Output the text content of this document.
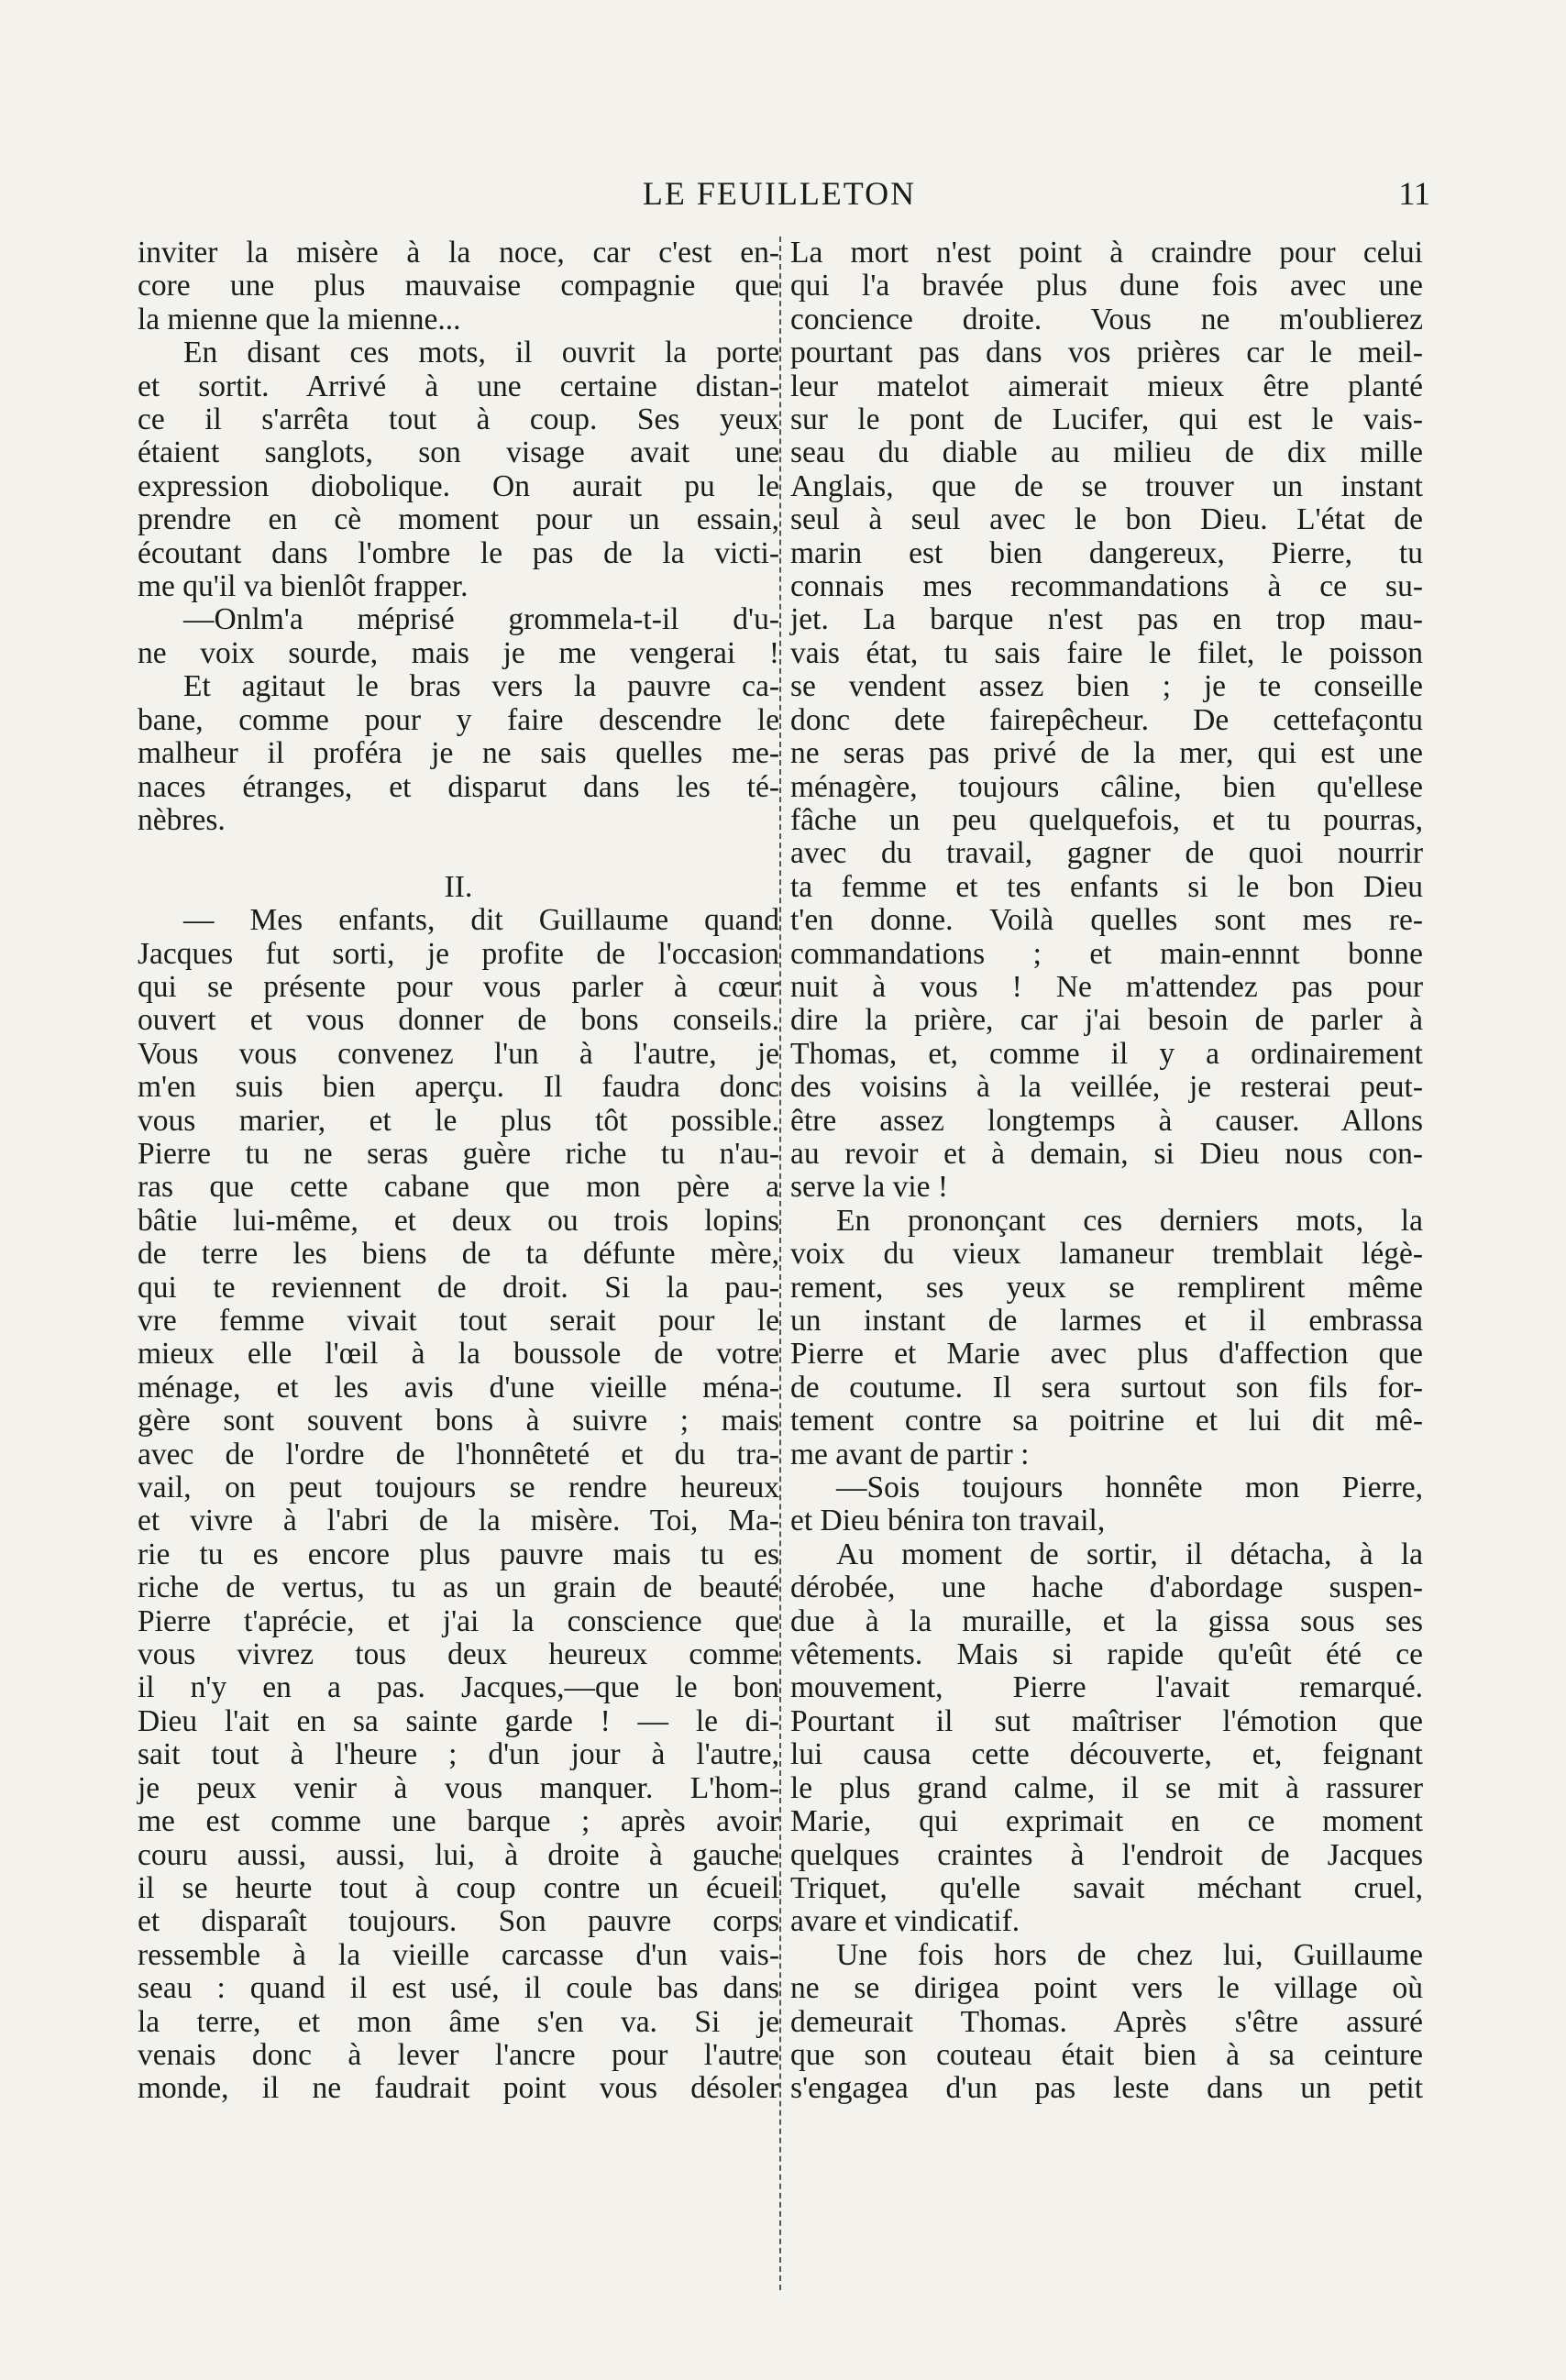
LE FEUILLETON	11
inviter la misère à la noce, car c'est en-
core une plus mauvaise compagnie que
la mienne que la mienne...
En disant ces mots, il ouvrit la porte
et sortit. Arrivé à une certaine distan-
ce il s'arrêta tout à coup. Ses yeux
étaient sanglots, son visage avait une
expression diobolique. On aurait pu le
prendre en cè moment pour un essain,
écoutant dans l'ombre le pas de la victi-
me qu'il va bienlôt frapper.
—Onlm'a méprisé grommela-t-il d'u-
ne voix sourde, mais je me vengerai !
Et agitaut le bras vers la pauvre ca-
bane, comme pour y faire descendre le
malheur il proféra je ne sais quelles me-
naces étranges, et disparut dans les té-
nèbres.

II.
— Mes enfants, dit Guillaume quand
Jacques fut sorti, je profite de l'occasion
qui se présente pour vous parler à cœur
ouvert et vous donner de bons conseils.
Vous vous convenez l'un à l'autre, je
m'en suis bien aperçu. Il faudra donc
vous marier, et le plus tôt possible.
Pierre tu ne seras guère riche tu n'au-
ras que cette cabane que mon père a
bâtie lui-même, et deux ou trois lopins
de terre les biens de ta défunte mère,
qui te reviennent de droit. Si la pau-
vre femme vivait tout serait pour le
mieux elle l'œil à la boussole de votre
ménage, et les avis d'une vieille ména-
gère sont souvent bons à suivre ; mais
avec de l'ordre de l'honnêteté et du tra-
vail, on peut toujours se rendre heureux
et vivre à l'abri de la misère. Toi, Ma-
rie tu es encore plus pauvre mais tu es
riche de vertus, tu as un grain de beauté
Pierre t'aprécie, et j'ai la conscience que
vous vivrez tous deux heureux comme
il n'y en a pas. Jacques,—que le bon
Dieu l'ait en sa sainte garde ! — le di-
sait tout à l'heure ; d'un jour à l'autre,
je peux venir à vous manquer. L'hom-
me est comme une barque ; après avoir
couru aussi, aussi, lui, à droite à gauche
il se heurte tout à coup contre un écueil
et disparaît toujours. Son pauvre corps
ressemble à la vieille carcasse d'un vais-
seau : quand il est usé, il coule bas dans
la terre, et mon âme s'en va. Si je
venais donc à lever l'ancre pour l'autre
monde, il ne faudrait point vous désoler
La mort n'est point à craindre pour celui
qui l'a bravée plus dune fois avec une
concience droite. Vous ne m'oublierez
pourtant pas dans vos prières car le meil-
leur matelot aimerait mieux être planté
sur le pont de Lucifer, qui est le vais-
seau du diable au milieu de dix mille
Anglais, que de se trouver un instant
seul à seul avec le bon Dieu. L'état de
marin est bien dangereux, Pierre, tu
connais mes recommandations à ce su-
jet. La barque n'est pas en trop mau-
vais état, tu sais faire le filet, le poisson
se vendent assez bien ; je te conseille
donc dete fairepêcheur. De cettefaçontu
ne seras pas privé de la mer, qui est une
ménagère, toujours câline, bien qu'ellese
fâche un peu quelquefois, et tu pourras,
avec du travail, gagner de quoi nourrir
ta femme et tes enfants si le bon Dieu
t'en donne. Voilà quelles sont mes re-
commandations ; et main-ennnt bonne
nuit à vous ! Ne m'attendez pas pour
dire la prière, car j'ai besoin de parler à
Thomas, et, comme il y a ordinairement
des voisins à la veillée, je resterai peut-
être assez longtemps à causer. Allons
au revoir et à demain, si Dieu nous con-
serve la vie !
En prononçant ces derniers mots, la
voix du vieux lamaneur tremblait légè-
rement, ses yeux se remplirent même
un instant de larmes et il embrassa
Pierre et Marie avec plus d'affection que
de coutume. Il sera surtout son fils for-
tement contre sa poitrine et lui dit mê-
me avant de partir :
—Sois toujours honnête mon Pierre,
et Dieu bénira ton travail,
Au moment de sortir, il détacha, à la
dérobée, une hache d'abordage suspen-
due à la muraille, et la gissa sous ses
vêtements. Mais si rapide qu'eût été ce
mouvement, Pierre l'avait remarqué.
Pourtant il sut maîtriser l'émotion que
lui causa cette découverte, et, feignant
le plus grand calme, il se mit à rassurer
Marie, qui exprimait en ce moment
quelques craintes à l'endroit de Jacques
Triquet, qu'elle savait méchant cruel,
avare et vindicatif.
Une fois hors de chez lui, Guillaume
ne se dirigea point vers le village où
demeurait Thomas. Après s'être assuré
que son couteau était bien à sa ceinture
s'engagea d'un pas leste dans un petit
